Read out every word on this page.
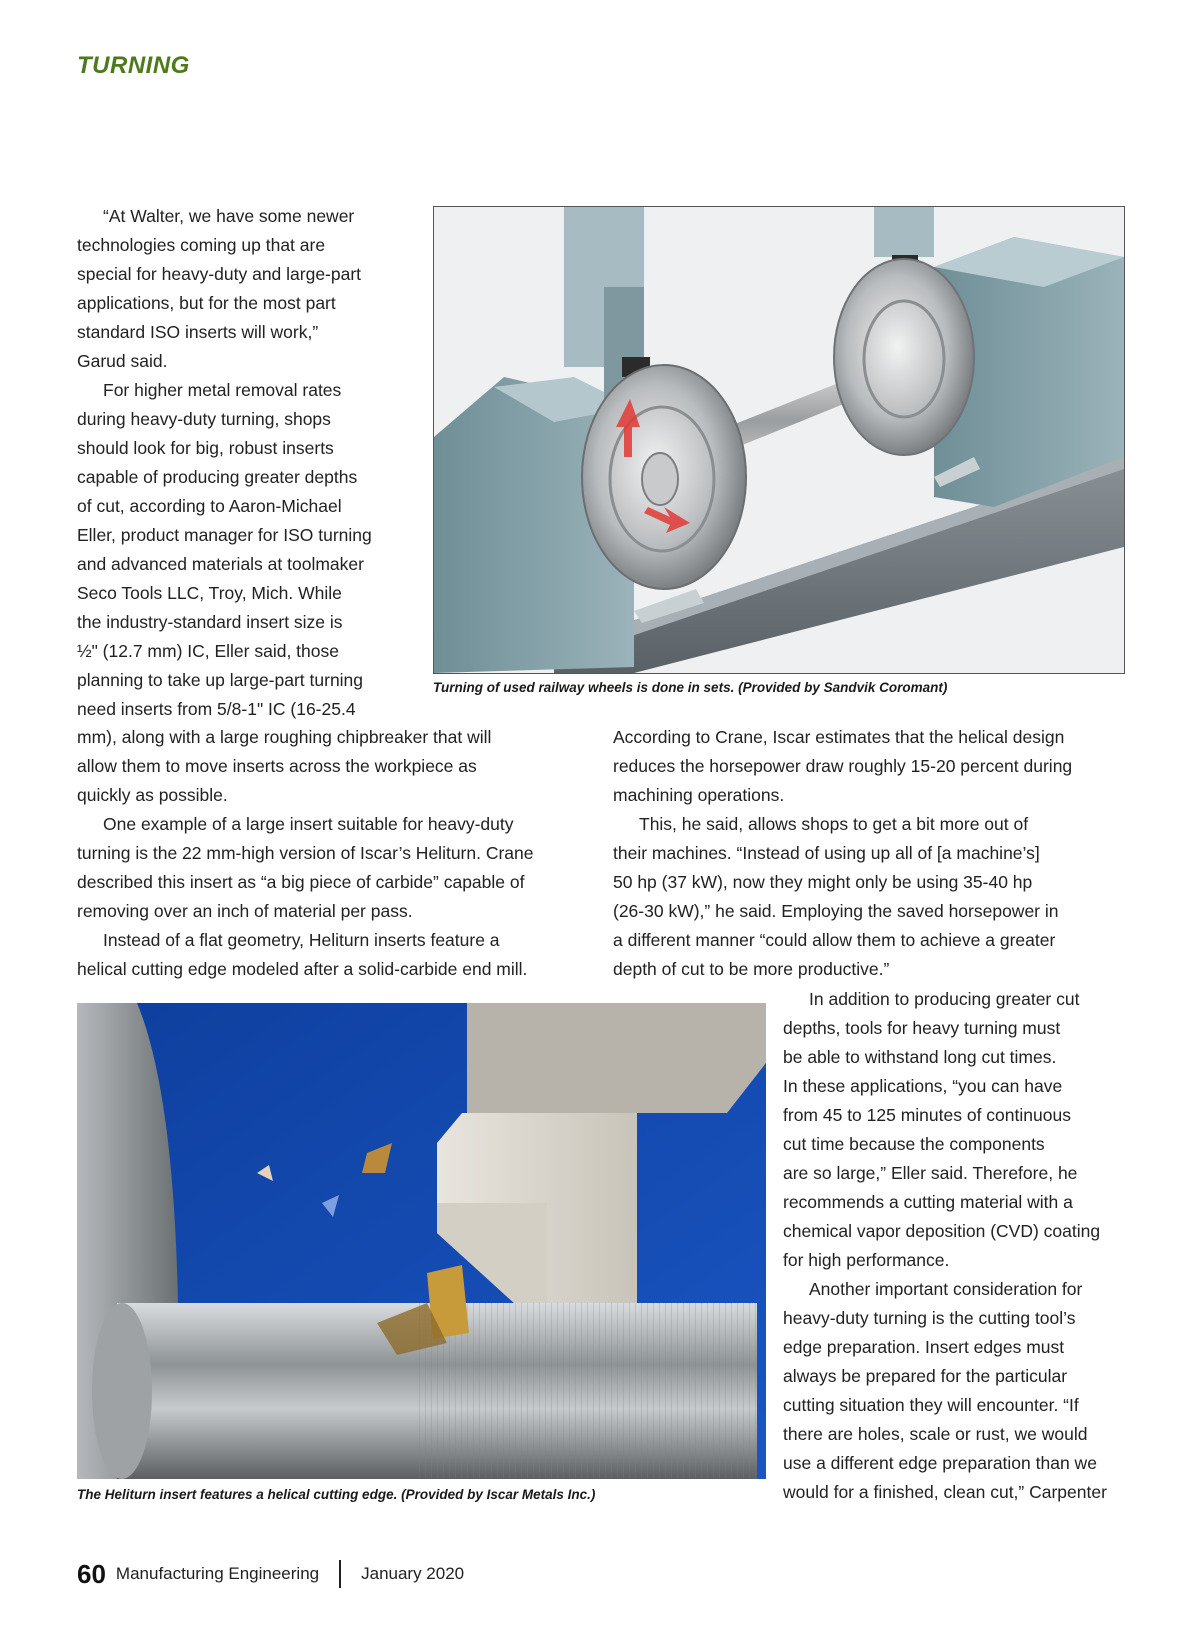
TURNING
Turning of used railway wheels is done in sets. (Provided by Sandvik Coromant)

“At Walter, we have some newer
technologies coming up that are
special for heavy-duty and large-part
applications, but for the most part
standard ISO inserts will work,”
Garud said.

For higher metal removal rates
during heavy-duty turning, shops
should look for big, robust inserts
capable of producing greater depths
of cut, according to Aaron-Michael
Eller, product manager for ISO turning
and advanced materials at toolmaker
Seco Tools LLC, Troy, Mich. While
the industry-standard insert size is
½" (12.7 mm) IC, Eller said, those
planning to take up large-part turning
need inserts from 5/8-1" IC (16-25.4

mm), along with a large roughing chipbreaker that will
allow them to move inserts across the workpiece as
quickly as possible.

One example of a large insert suitable for heavy-duty
turning is the 22 mm-high version of Iscar’s Heliturn. Crane
described this insert as “a big piece of carbide” capable of
removing over an inch of material per pass.

Instead of a flat geometry, Heliturn inserts feature a
helical cutting edge modeled after a solid-carbide end mill.

According to Crane, Iscar estimates that the helical design
reduces the horsepower draw roughly 15-20 percent during
machining operations.

This, he said, allows shops to get a bit more out of
their machines. “Instead of using up all of [a machine’s]
50 hp (37 kW), now they might only be using 35-40 hp
(26-30 kW),” he said. Employing the saved horsepower in
a different manner “could allow them to achieve a greater
depth of cut to be more productive.”

The Heliturn insert features a helical cutting edge. (Provided by Iscar Metals Inc.)

In addition to producing greater cut
depths, tools for heavy turning must
be able to withstand long cut times.
In these applications, “you can have
from 45 to 125 minutes of continuous
cut time because the components
are so large,” Eller said. Therefore, he
recommends a cutting material with a
chemical vapor deposition (CVD) coating
for high performance.

Another important consideration for
heavy-duty turning is the cutting tool’s
edge preparation. Insert edges must
always be prepared for the particular
cutting situation they will encounter. “If
there are holes, scale or rust, we would
use a different edge preparation than we
would for a finished, clean cut,” Carpenter

60 Manufacturing Engineering January 2020
